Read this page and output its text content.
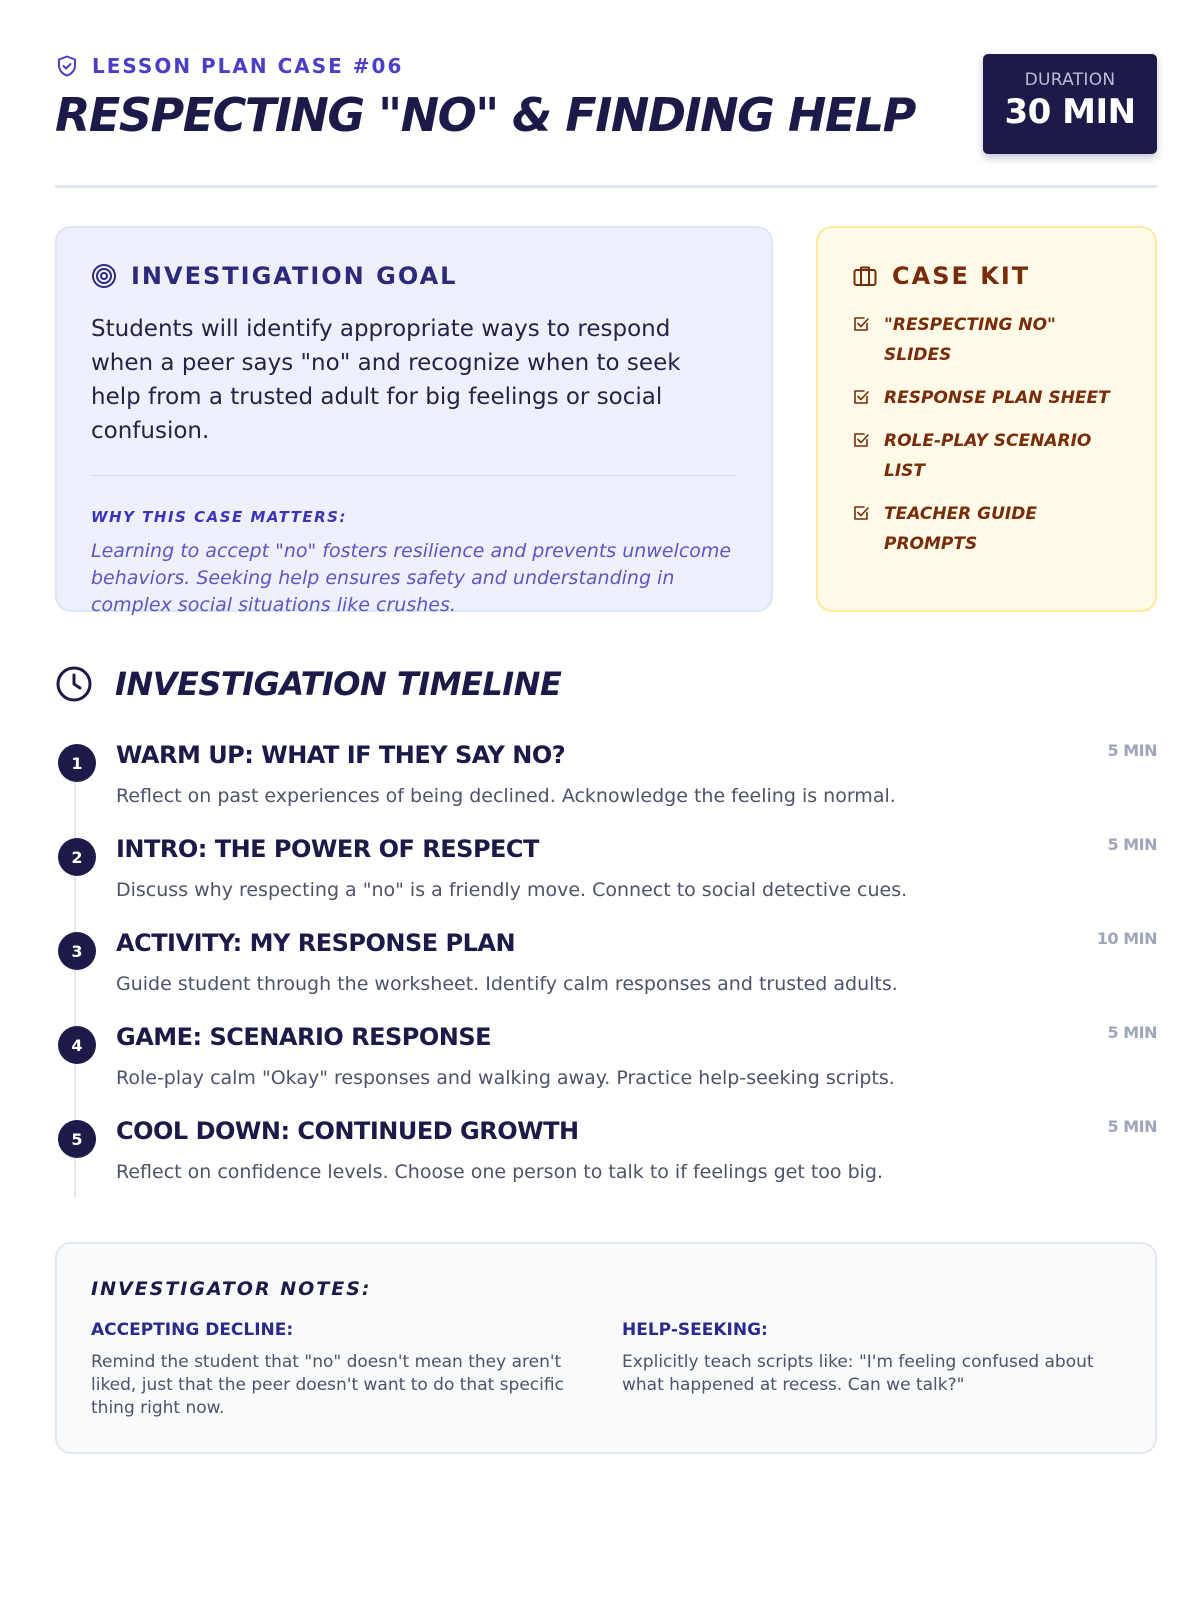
LESSON PLAN CASE #06
RESPECTING "NO" & FINDING HELP
DURATION
30 MIN
INVESTIGATION GOAL
Students will identify appropriate ways to respond when a peer says "no" and recognize when to seek help from a trusted adult for big feelings or social confusion.
WHY THIS CASE MATTERS:
Learning to accept "no" fosters resilience and prevents unwelcome behaviors. Seeking help ensures safety and understanding in complex social situations like crushes.
CASE KIT
"RESPECTING NO" SLIDES
RESPONSE PLAN SHEET
ROLE-PLAY SCENARIO LIST
TEACHER GUIDE PROMPTS
INVESTIGATION TIMELINE
1	WARM UP: WHAT IF THEY SAY NO?
Reflect on past experiences of being declined. Acknowledge the feeling is normal.
5 MIN
2	INTRO: THE POWER OF RESPECT
Discuss why respecting a "no" is a friendly move. Connect to social detective cues.
5 MIN
3	ACTIVITY: MY RESPONSE PLAN
Guide student through the worksheet. Identify calm responses and trusted adults.
10 MIN
4	GAME: SCENARIO RESPONSE
Role-play calm "Okay" responses and walking away. Practice help-seeking scripts.
5 MIN
5	COOL DOWN: CONTINUED GROWTH
Reflect on confidence levels. Choose one person to talk to if feelings get too big.
5 MIN
INVESTIGATOR NOTES:
ACCEPTING DECLINE:
Remind the student that "no" doesn't mean they aren't liked, just that the peer doesn't want to do that specific thing right now.
HELP-SEEKING:
Explicitly teach scripts like: "I'm feeling confused about what happened at recess. Can we talk?"
